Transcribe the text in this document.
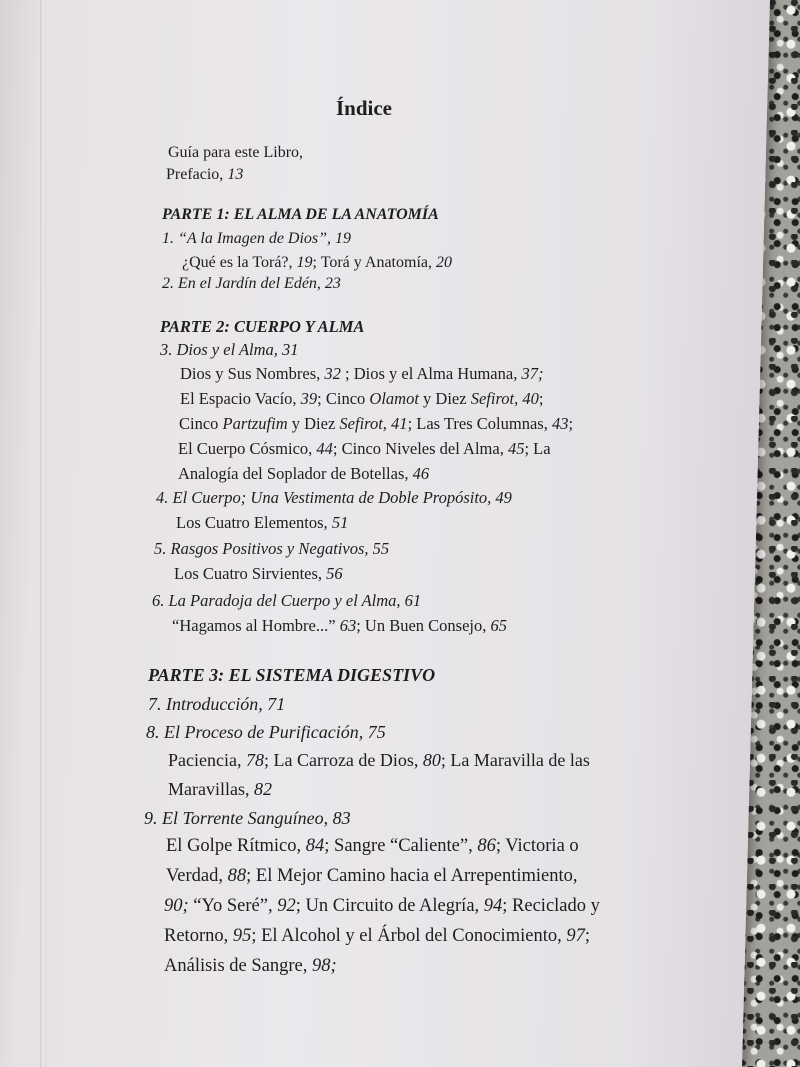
Índice
Guía para este Libro,
Prefacio, 13
PARTE 1: EL ALMA DE LA ANATOMÍA
1. “A la Imagen de Dios”, 19
¿Qué es la Torá?, 19; Torá y Anatomía, 20
2. En el Jardín del Edén, 23
PARTE 2: CUERPO Y ALMA
3. Dios y el Alma, 31
Dios y Sus Nombres, 32 ; Dios y el Alma Humana, 37;
El Espacio Vacío, 39; Cinco Olamot y Diez Sefirot, 40;
Cinco Partzufim y Diez Sefirot, 41; Las Tres Columnas, 43;
El Cuerpo Cósmico, 44; Cinco Niveles del Alma, 45; La
Analogía del Soplador de Botellas, 46
4. El Cuerpo; Una Vestimenta de Doble Propósito, 49
Los Cuatro Elementos, 51
5. Rasgos Positivos y Negativos, 55
Los Cuatro Sirvientes, 56
6. La Paradoja del Cuerpo y el Alma, 61
“Hagamos al Hombre...” 63; Un Buen Consejo, 65
PARTE 3: EL SISTEMA DIGESTIVO
7. Introducción, 71
8. El Proceso de Purificación, 75
Paciencia, 78; La Carroza de Dios, 80; La Maravilla de las
Maravillas, 82
9. El Torrente Sanguíneo, 83
El Golpe Rítmico, 84; Sangre “Caliente”, 86; Victoria o
Verdad, 88; El Mejor Camino hacia el Arrepentimiento,
90; “Yo Seré”, 92; Un Circuito de Alegría, 94; Reciclado y
Retorno, 95; El Alcohol y el Árbol del Conocimiento, 97;
Análisis de Sangre, 98;
